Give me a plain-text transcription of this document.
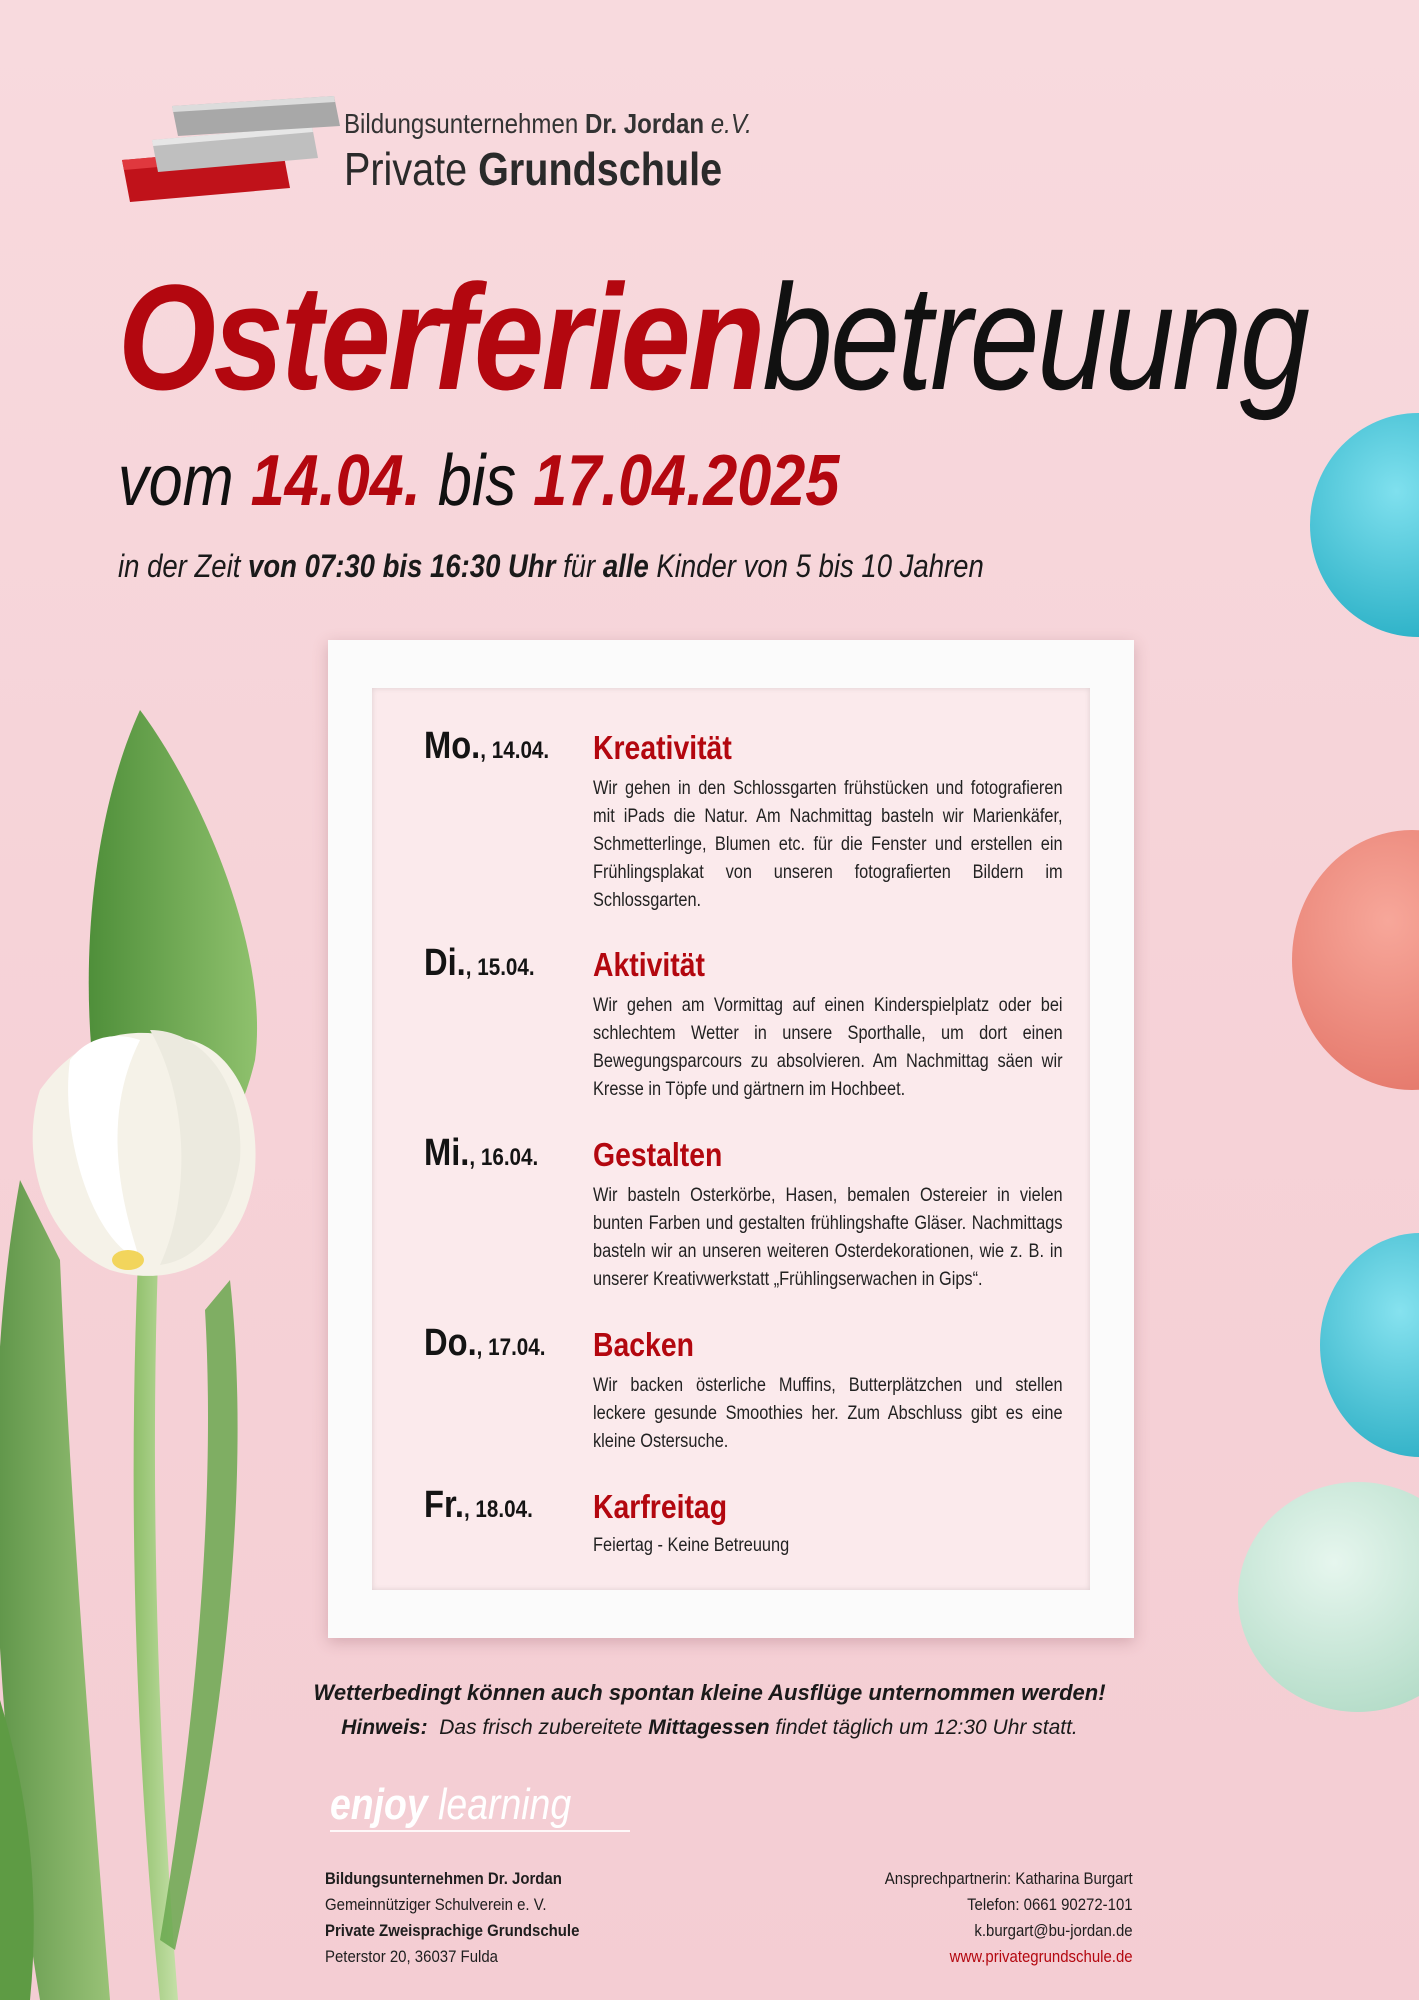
Bildungsunternehmen Dr. Jordan e.V.
Private Grundschule
Osterferienbetreuung
vom 14.04. bis 17.04.2025
in der Zeit von 07:30 bis 16:30 Uhr für alle Kinder von 5 bis 10 Jahren
Mo., 14.04. Kreativität
Wir gehen in den Schlossgarten frühstücken und fotografieren mit iPads die Natur. Am Nachmittag basteln wir Marienkäfer, Schmetterlinge, Blumen etc. für die Fenster und erstellen ein Frühlingsplakat von unseren fotografierten Bildern im Schlossgarten.
Di., 15.04. Aktivität
Wir gehen am Vormittag auf einen Kinderspielplatz oder bei schlechtem Wetter in unsere Sporthalle, um dort einen Bewegungsparcours zu absolvieren. Am Nachmittag säen wir Kresse in Töpfe und gärtnern im Hochbeet.
Mi., 16.04. Gestalten
Wir basteln Osterkörbe, Hasen, bemalen Ostereier in vielen bunten Farben und gestalten frühlingshafte Gläser. Nachmittags basteln wir an unseren weiteren Osterdekorationen, wie z. B. in unserer Kreativwerkstatt „Frühlingserwachen in Gips“.
Do., 17.04. Backen
Wir backen österliche Muffins, Butterplätzchen und stellen leckere gesunde Smoothies her. Zum Abschluss gibt es eine kleine Ostersuche.
Fr., 18.04. Karfreitag
Feiertag - Keine Betreuung
Wetterbedingt können auch spontan kleine Ausflüge unternommen werden!
Hinweis: Das frisch zubereitete Mittagessen findet täglich um 12:30 Uhr statt.
enjoy learning
Bildungsunternehmen Dr. Jordan
Gemeinnütziger Schulverein e. V.
Private Zweisprachige Grundschule
Peterstor 20, 36037 Fulda
Ansprechpartnerin: Katharina Burgart
Telefon: 0661 90272-101
k.burgart@bu-jordan.de
www.privategrundschule.de
